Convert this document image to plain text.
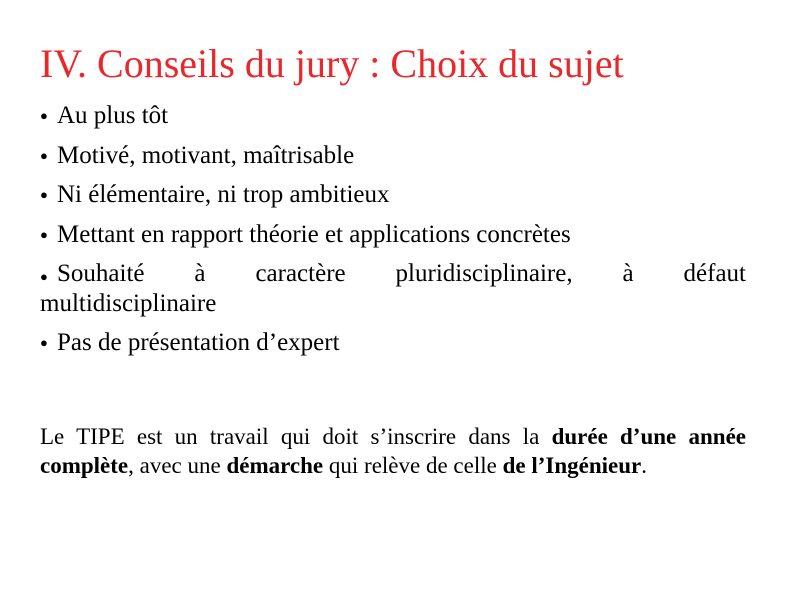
IV. Conseils du jury : Choix du sujet
● Au plus tôt
● Motivé, motivant, maîtrisable
● Ni élémentaire, ni trop ambitieux
● Mettant en rapport théorie et applications concrètes
● Souhaité à caractère pluridisciplinaire, à défaut
multidisciplinaire
● Pas de présentation d’expert

Le TIPE est un travail qui doit s’inscrire dans la durée d’une année complète, avec une démarche qui relève de celle de l’Ingénieur.
